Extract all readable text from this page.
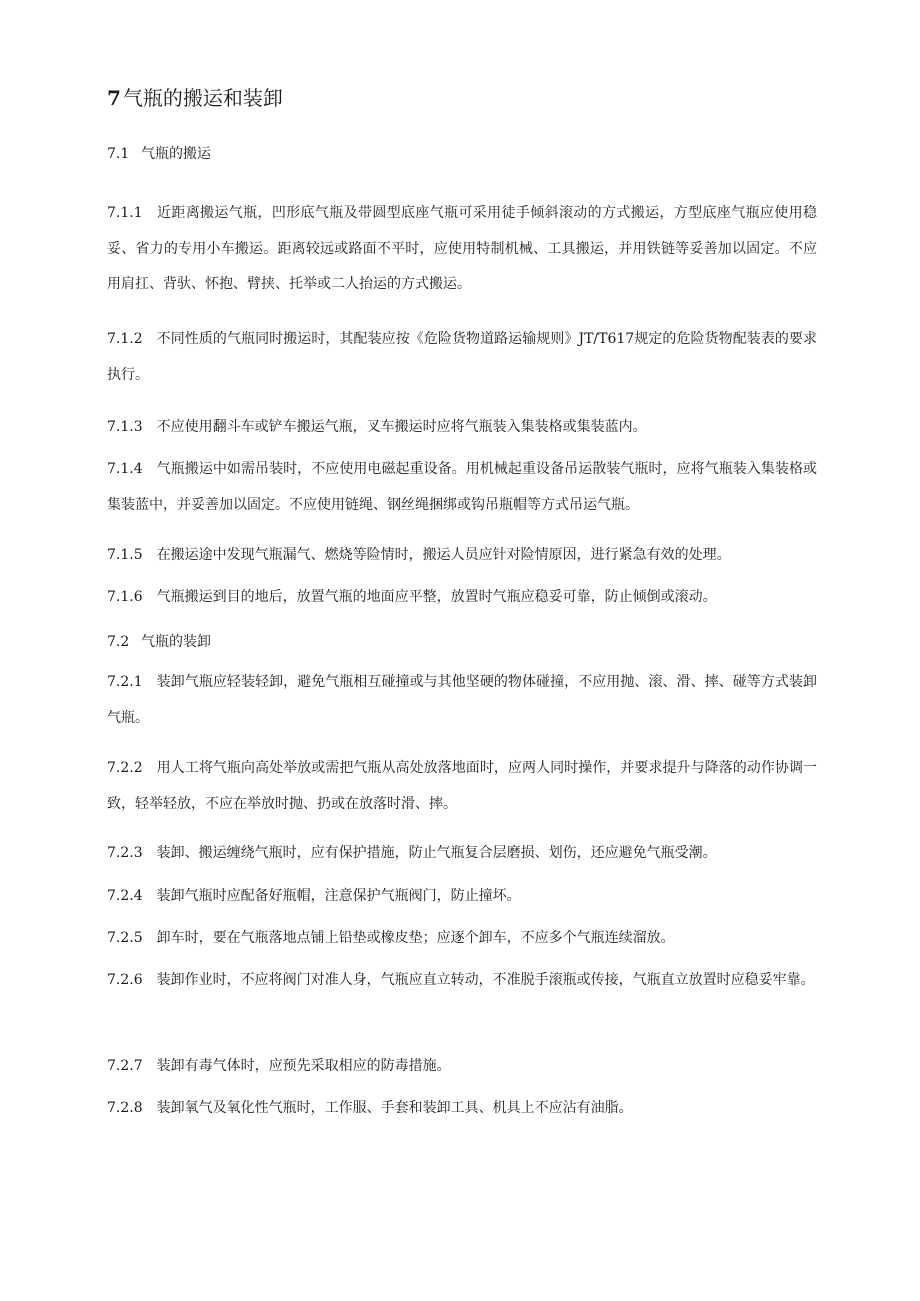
7 气瓶的搬运和装卸
7.1 气瓶的搬运

7.1.1 近距离搬运气瓶，凹形底气瓶及带圆型底座气瓶可采用徒手倾斜滚动的方式搬运，方型底座气瓶应使用稳妥、省力的专用小车搬运。距离较远或路面不平时，应使用特制机械、工具搬运，并用铁链等妥善加以固定。不应用肩扛、背驮、怀抱、臂挟、托举或二人抬运的方式搬运。

7.1.2 不同性质的气瓶同时搬运时，其配装应按《危险货物道路运输规则》JT/T617规定的危险货物配装表的要求执行。

7.1.3 不应使用翻斗车或铲车搬运气瓶，叉车搬运时应将气瓶装入集装格或集装蓝内。

7.1.4 气瓶搬运中如需吊装时，不应使用电磁起重设备。用机械起重设备吊运散装气瓶时，应将气瓶装入集装格或集装蓝中，并妥善加以固定。不应使用链绳、钢丝绳捆绑或钩吊瓶帽等方式吊运气瓶。

7.1.5 在搬运途中发现气瓶漏气、燃烧等险情时，搬运人员应针对险情原因，进行紧急有效的处理。

7.1.6 气瓶搬运到目的地后，放置气瓶的地面应平整，放置时气瓶应稳妥可靠，防止倾倒或滚动。

7.2 气瓶的装卸

7.2.1 装卸气瓶应轻装轻卸，避免气瓶相互碰撞或与其他坚硬的物体碰撞，不应用抛、滚、滑、摔、碰等方式装卸气瓶。

7.2.2 用人工将气瓶向高处举放或需把气瓶从高处放落地面时，应两人同时操作，并要求提升与降落的动作协调一致，轻举轻放，不应在举放时抛、扔或在放落时滑、摔。

7.2.3 装卸、搬运缠绕气瓶时，应有保护措施，防止气瓶复合层磨损、划伤，还应避免气瓶受潮。

7.2.4 装卸气瓶时应配备好瓶帽，注意保护气瓶阀门，防止撞坏。

7.2.5 卸车时，要在气瓶落地点铺上铅垫或橡皮垫；应逐个卸车，不应多个气瓶连续溜放。

7.2.6 装卸作业时，不应将阀门对准人身，气瓶应直立转动，不准脱手滚瓶或传接，气瓶直立放置时应稳妥牢靠。

7.2.7 装卸有毒气体时，应预先采取相应的防毒措施。

7.2.8 装卸氧气及氧化性气瓶时，工作服、手套和装卸工具、机具上不应沾有油脂。
